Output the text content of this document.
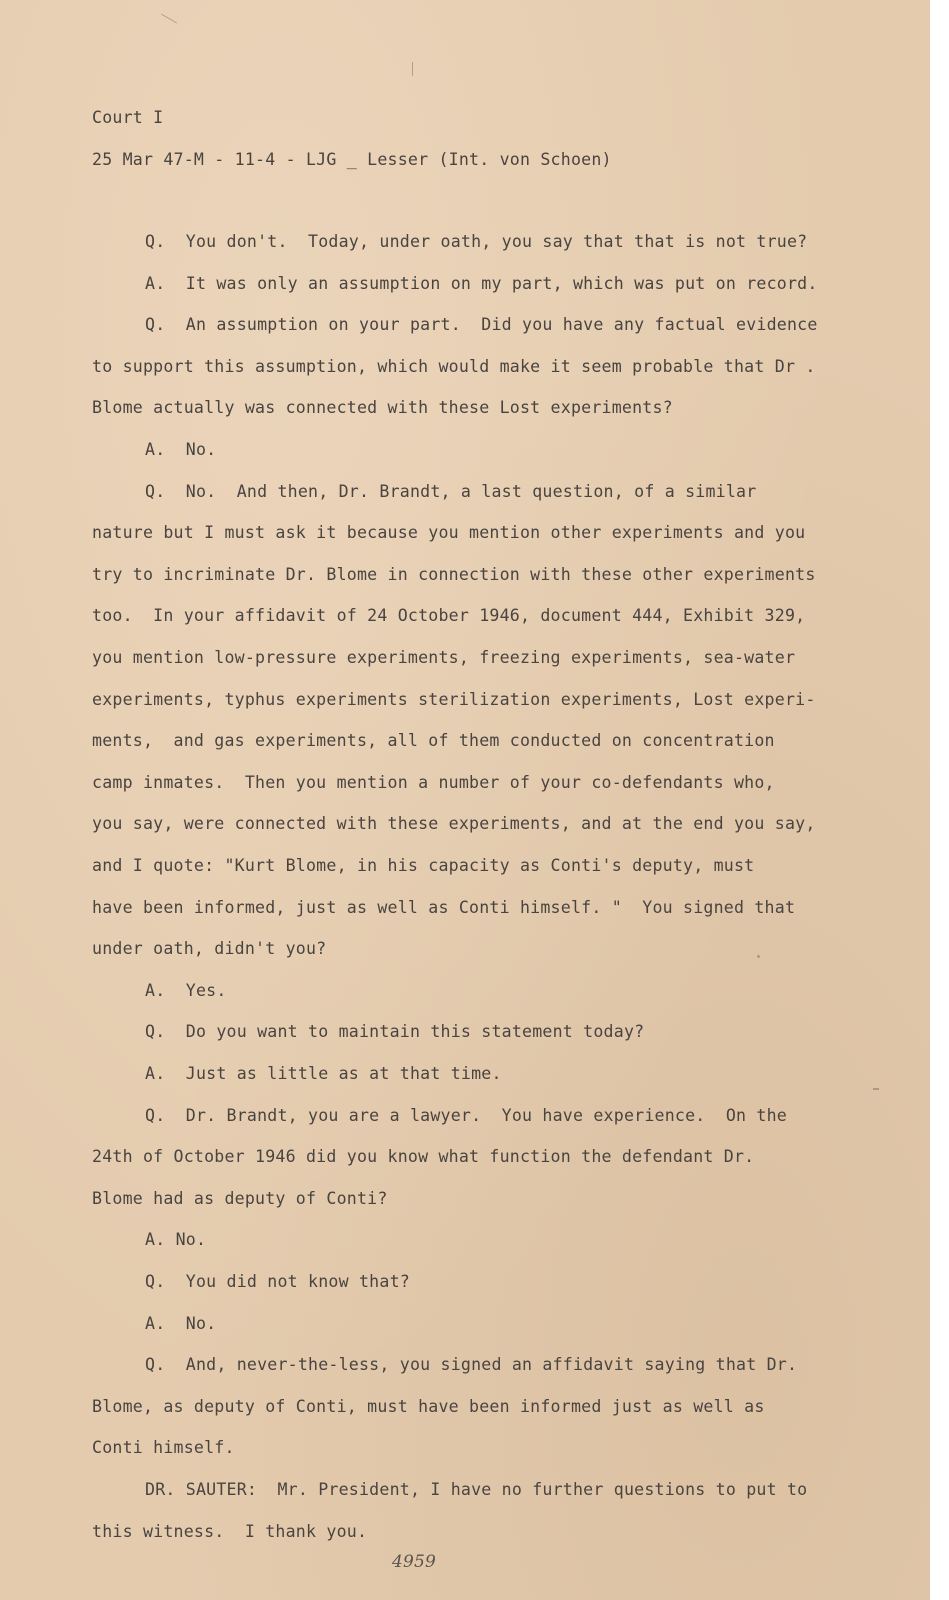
Court I
25 Mar 47-M - 11-4 - LJG _ Lesser (Int. von Schoen)
Q.  You don't.  Today, under oath, you say that that is not true?
A.  It was only an assumption on my part, which was put on record.
Q.  An assumption on your part.  Did you have any factual evidence
to support this assumption, which would make it seem probable that Dr .
Blome actually was connected with these Lost experiments?
A.  No.
Q.  No.  And then, Dr. Brandt, a last question, of a similar
nature but I must ask it because you mention other experiments and you
try to incriminate Dr. Blome in connection with these other experiments
too.  In your affidavit of 24 October 1946, document 444, Exhibit 329,
you mention low-pressure experiments, freezing experiments, sea-water
experiments, typhus experiments sterilization experiments, Lost experi-
ments,  and gas experiments, all of them conducted on concentration
camp inmates.  Then you mention a number of your co-defendants who,
you say, were connected with these experiments, and at the end you say,
and I quote: "Kurt Blome, in his capacity as Conti's deputy, must
have been informed, just as well as Conti himself. "  You signed that
under oath, didn't you?
A.  Yes.
Q.  Do you want to maintain this statement today?
A.  Just as little as at that time.
Q.  Dr. Brandt, you are a lawyer.  You have experience.  On the
24th of October 1946 did you know what function the defendant Dr.
Blome had as deputy of Conti?
A. No.
Q.  You did not know that?
A.  No.
Q.  And, never-the-less, you signed an affidavit saying that Dr.
Blome, as deputy of Conti, must have been informed just as well as
Conti himself.
DR. SAUTER:  Mr. President, I have no further questions to put to
this witness.  I thank you.
4959
